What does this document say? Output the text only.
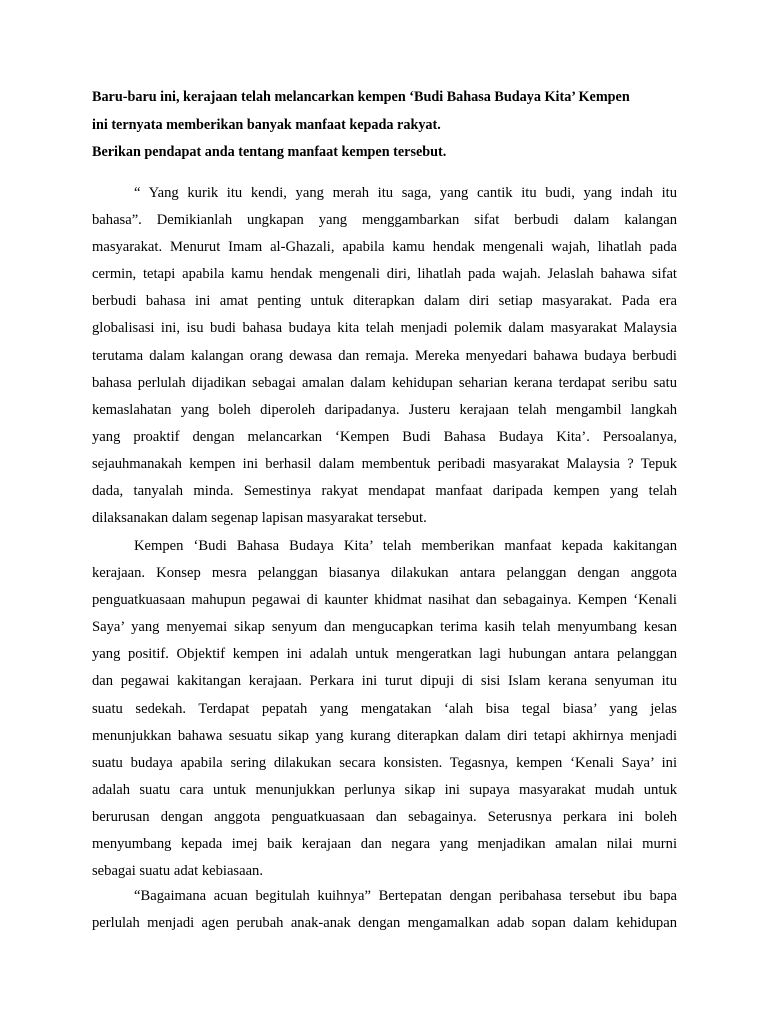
Baru-baru ini, kerajaan telah melancarkan kempen ‘Budi Bahasa Budaya Kita’ Kempen
ini ternyata memberikan banyak manfaat kepada rakyat.
Berikan pendapat anda tentang manfaat kempen tersebut.
“ Yang kurik itu kendi, yang merah itu saga, yang cantik itu budi, yang indah itu
bahasa”. Demikianlah ungkapan yang menggambarkan sifat berbudi dalam kalangan
masyarakat. Menurut Imam al-Ghazali, apabila kamu hendak mengenali wajah, lihatlah pada
cermin, tetapi apabila kamu hendak mengenali diri, lihatlah pada wajah. Jelaslah bahawa sifat
berbudi bahasa ini amat penting untuk diterapkan dalam diri setiap masyarakat. Pada era
globalisasi ini, isu budi bahasa budaya kita telah menjadi polemik dalam masyarakat Malaysia
terutama dalam kalangan orang dewasa dan remaja. Mereka menyedari bahawa budaya berbudi
bahasa perlulah dijadikan sebagai amalan dalam kehidupan seharian kerana terdapat seribu satu
kemaslahatan yang boleh diperoleh daripadanya. Justeru kerajaan telah mengambil langkah
yang proaktif dengan melancarkan ‘Kempen Budi Bahasa Budaya Kita’. Persoalanya,
sejauhmanakah kempen ini berhasil dalam membentuk peribadi masyarakat Malaysia ? Tepuk
dada, tanyalah minda. Semestinya rakyat mendapat manfaat daripada kempen yang telah
dilaksanakan dalam segenap lapisan masyarakat tersebut.
Kempen ‘Budi Bahasa Budaya Kita’ telah memberikan manfaat kepada kakitangan
kerajaan. Konsep mesra pelanggan biasanya dilakukan antara pelanggan dengan anggota
penguatkuasaan mahupun pegawai di kaunter khidmat nasihat dan sebagainya. Kempen ‘Kenali
Saya’ yang menyemai sikap senyum dan mengucapkan terima kasih telah menyumbang kesan
yang positif. Objektif kempen ini adalah untuk mengeratkan lagi hubungan antara pelanggan
dan pegawai kakitangan kerajaan. Perkara ini turut dipuji di sisi Islam kerana senyuman itu
suatu sedekah. Terdapat pepatah yang mengatakan ‘alah bisa tegal biasa’ yang jelas
menunjukkan bahawa sesuatu sikap yang kurang diterapkan dalam diri tetapi akhirnya menjadi
suatu budaya apabila sering dilakukan secara konsisten. Tegasnya, kempen ‘Kenali Saya’ ini
adalah suatu cara untuk menunjukkan perlunya sikap ini supaya masyarakat mudah untuk
berurusan dengan anggota penguatkuasaan dan sebagainya. Seterusnya perkara ini boleh
menyumbang kepada imej baik kerajaan dan negara yang menjadikan amalan nilai murni
sebagai suatu adat kebiasaan.
“Bagaimana acuan begitulah kuihnya” Bertepatan dengan peribahasa tersebut ibu bapa
perlulah menjadi agen perubah anak-anak dengan mengamalkan adab sopan dalam kehidupan
